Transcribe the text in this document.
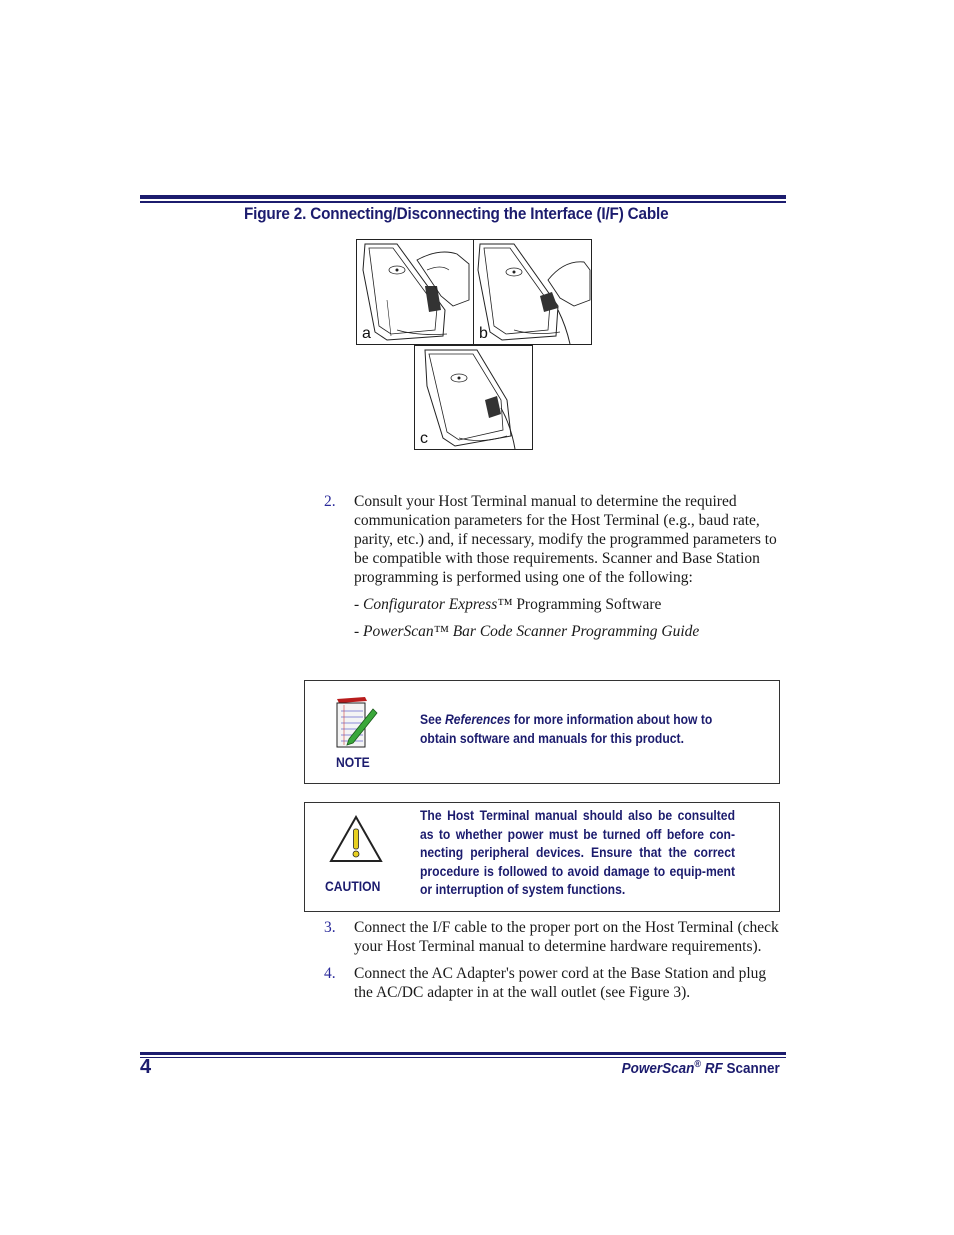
Figure 2. Connecting/Disconnecting the Interface (I/F) Cable
a	b
c
2. Consult your Host Terminal manual to determine the required communication parameters for the Host Terminal (e.g., baud rate, parity, etc.) and, if necessary, modify the programmed parameters to be compatible with those requirements. Scanner and Base Station programming is performed using one of the following:
- Configurator Express™ Programming Software
- PowerScan™ Bar Code Scanner Programming Guide
NOTE
See References for more information about how to obtain software and manuals for this product.
CAUTION
The Host Terminal manual should also be consulted as to whether power must be turned off before con-necting peripheral devices. Ensure that the correct procedure is followed to avoid damage to equip-ment or interruption of system functions.
3. Connect the I/F cable to the proper port on the Host Terminal (check your Host Terminal manual to determine hardware requirements).
4. Connect the AC Adapter's power cord at the Base Station and plug the AC/DC adapter in at the wall outlet (see Figure 3).
4	PowerScan® RF Scanner
